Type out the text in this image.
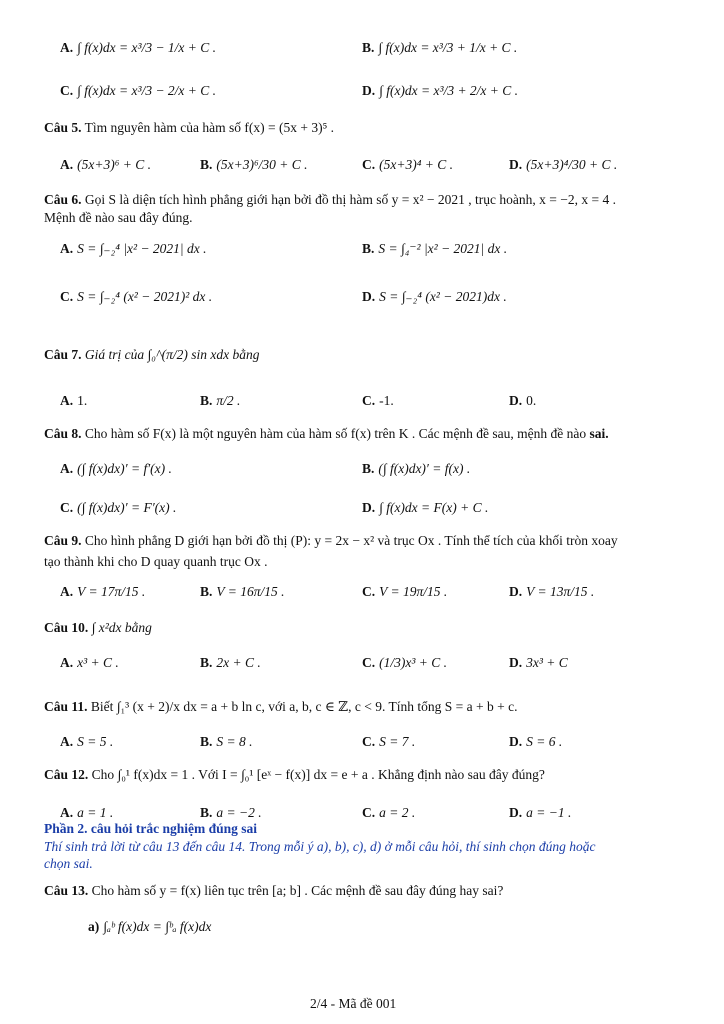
A. ∫ f(x)dx = x³/3 − 1/x + C .	B. ∫ f(x)dx = x³/3 + 1/x + C .
C. ∫ f(x)dx = x³/3 − 2/x + C .	D. ∫ f(x)dx = x³/3 + 2/x + C .
Câu 5. Tìm nguyên hàm của hàm số f(x) = (5x + 3)⁵ .
A. (5x+3)⁶ + C .	B. (5x+3)⁶/30 + C .	C. (5x+3)⁴ + C .	D. (5x+3)⁴/30 + C .
Câu 6. Gọi S là diện tích hình phẳng giới hạn bởi đồ thị hàm số y = x² − 2021 , trục hoành, x = −2, x = 4 .
Mệnh đề nào sau đây đúng.
A. S = ∫₋₂⁴ |x² − 2021| dx .	B. S = ∫₄⁻² |x² − 2021| dx .
C. S = ∫₋₂⁴ (x² − 2021)² dx .	D. S = ∫₋₂⁴ (x² − 2021)dx .
Câu 7. Giá trị của ∫₀^(π/2) sin xdx bằng
A. 1.	B. π/2 .	C. -1.	D. 0.
Câu 8. Cho hàm số F(x) là một nguyên hàm của hàm số f(x) trên K . Các mệnh đề sau, mệnh đề nào sai.
A. (∫ f(x)dx)′ = f′(x) .	B. (∫ f(x)dx)′ = f(x) .
C. (∫ f(x)dx)′ = F′(x) .	D. ∫ f(x)dx = F(x) + C .
Câu 9. Cho hình phẳng D giới hạn bởi đồ thị (P): y = 2x − x² và trục Ox . Tính thể tích của khối tròn xoay
tạo thành khi cho D quay quanh trục Ox .
A. V = 17π/15 .	B. V = 16π/15 .	C. V = 19π/15 .	D. V = 13π/15 .
Câu 10. ∫ x²dx bằng
A. x³ + C .	B. 2x + C .	C. (1/3)x³ + C .	D. 3x³ + C
Câu 11. Biết ∫₁³ (x + 2)/x dx = a + b ln c, với a, b, c ∈ ℤ, c < 9. Tính tổng S = a + b + c.
A. S = 5 .	B. S = 8 .	C. S = 7 .	D. S = 6 .
Câu 12. Cho ∫₀¹ f(x)dx = 1 . Với I = ∫₀¹ [eˣ − f(x)] dx = e + a . Khẳng định nào sau đây đúng?
A. a = 1 .	B. a = −2 .	C. a = 2 .	D. a = −1 .
Phần 2. câu hỏi trắc nghiệm đúng sai
Thí sinh trả lời từ câu 13 đến câu 14. Trong mỗi ý a), b), c), d) ở mỗi câu hỏi, thí sinh chọn đúng hoặc
chọn sai.
Câu 13. Cho hàm số y = f(x) liên tục trên [a; b] . Các mệnh đề sau đây đúng hay sai?
a) ∫ₐᵇ f(x)dx = ∫ᵇₐ f(x)dx
2/4 - Mã đề 001
